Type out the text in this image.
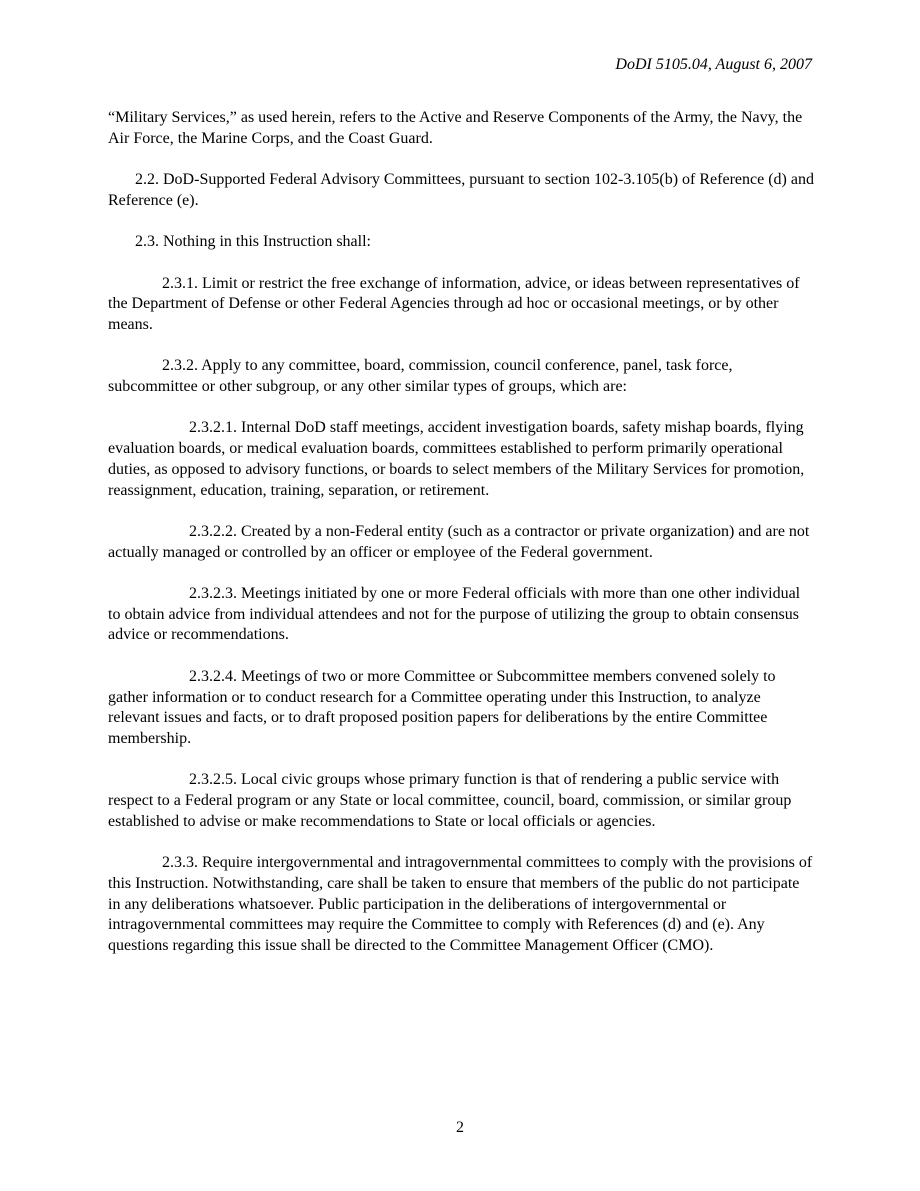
DoDI 5105.04, August 6, 2007

“Military Services,” as used herein, refers to the Active and Reserve Components of the Army, the Navy, the Air Force, the Marine Corps, and the Coast Guard.

2.2. DoD-Supported Federal Advisory Committees, pursuant to section 102-3.105(b) of Reference (d) and Reference (e).

2.3. Nothing in this Instruction shall:

2.3.1. Limit or restrict the free exchange of information, advice, or ideas between representatives of the Department of Defense or other Federal Agencies through ad hoc or occasional meetings, or by other means.

2.3.2. Apply to any committee, board, commission, council conference, panel, task force, subcommittee or other subgroup, or any other similar types of groups, which are:

2.3.2.1. Internal DoD staff meetings, accident investigation boards, safety mishap boards, flying evaluation boards, or medical evaluation boards, committees established to perform primarily operational duties, as opposed to advisory functions, or boards to select members of the Military Services for promotion, reassignment, education, training, separation, or retirement.

2.3.2.2. Created by a non-Federal entity (such as a contractor or private organization) and are not actually managed or controlled by an officer or employee of the Federal government.

2.3.2.3. Meetings initiated by one or more Federal officials with more than one other individual to obtain advice from individual attendees and not for the purpose of utilizing the group to obtain consensus advice or recommendations.

2.3.2.4. Meetings of two or more Committee or Subcommittee members convened solely to gather information or to conduct research for a Committee operating under this Instruction, to analyze relevant issues and facts, or to draft proposed position papers for deliberations by the entire Committee membership.

2.3.2.5. Local civic groups whose primary function is that of rendering a public service with respect to a Federal program or any State or local committee, council, board, commission, or similar group established to advise or make recommendations to State or local officials or agencies.

2.3.3. Require intergovernmental and intragovernmental committees to comply with the provisions of this Instruction. Notwithstanding, care shall be taken to ensure that members of the public do not participate in any deliberations whatsoever. Public participation in the deliberations of intergovernmental or intragovernmental committees may require the Committee to comply with References (d) and (e). Any questions regarding this issue shall be directed to the Committee Management Officer (CMO).

2
